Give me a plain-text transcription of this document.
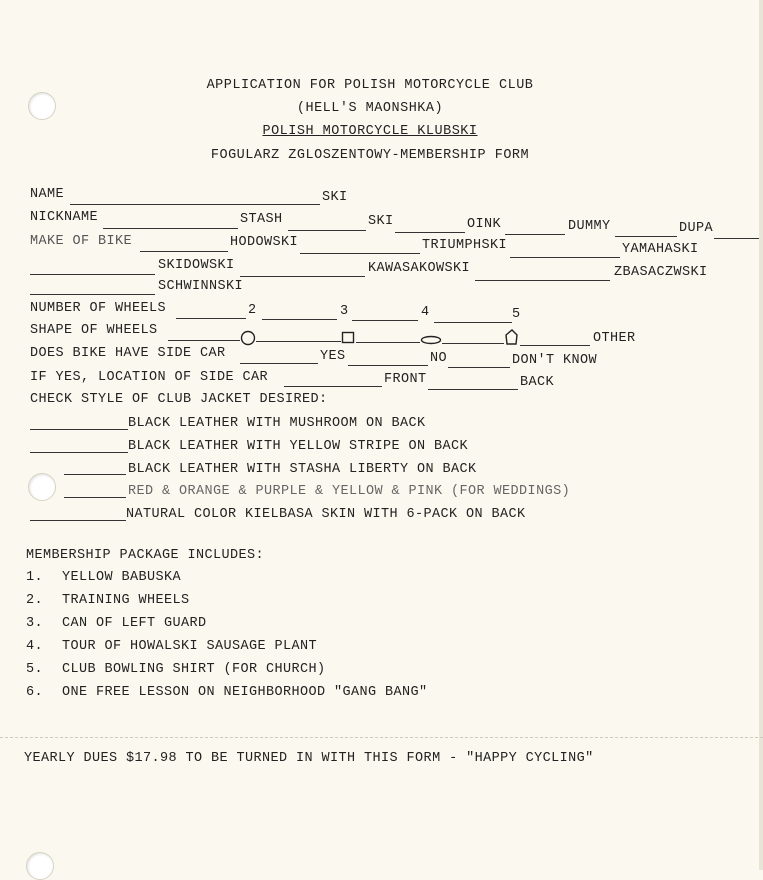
APPLICATION FOR POLISH MOTORCYCLE CLUB
(HELL'S MAONSHKA)
POLISH MOTORCYCLE KLUBSKI
FOGULARZ ZGLOSZENTOWY-MEMBERSHIP FORM
NAME	SKI
NICKNAME	STASH	SKI	OINK	DUMMY	DUPA
MAKE OF BIKE	HODOWSKI	TRIUMPHSKI	YAMAHASKI
SKIDOWSKI	KAWASAKOWSKI	ZBASACZWSKI
SCHWINNSKI
NUMBER OF WHEELS	2	3	4	5
SHAPE OF WHEELS
OTHER
DOES BIKE HAVE SIDE CAR	YES	NO	DON'T KNOW
IF YES, LOCATION OF SIDE CAR	FRONT	BACK
CHECK STYLE OF CLUB JACKET DESIRED:
BLACK LEATHER WITH MUSHROOM ON BACK
BLACK LEATHER WITH YELLOW STRIPE ON BACK
BLACK LEATHER WITH STASHA LIBERTY ON BACK
RED & ORANGE & PURPLE & YELLOW & PINK (FOR WEDDINGS)
NATURAL COLOR KIELBASA SKIN WITH 6-PACK ON BACK
MEMBERSHIP PACKAGE INCLUDES:
1. YELLOW BABUSKA
2. TRAINING WHEELS
3. CAN OF LEFT GUARD
4. TOUR OF HOWALSKI SAUSAGE PLANT
5. CLUB BOWLING SHIRT (FOR CHURCH)
6. ONE FREE LESSON ON NEIGHBORHOOD "GANG BANG"
YEARLY DUES $17.98 TO BE TURNED IN WITH THIS FORM - "HAPPY CYCLING"
